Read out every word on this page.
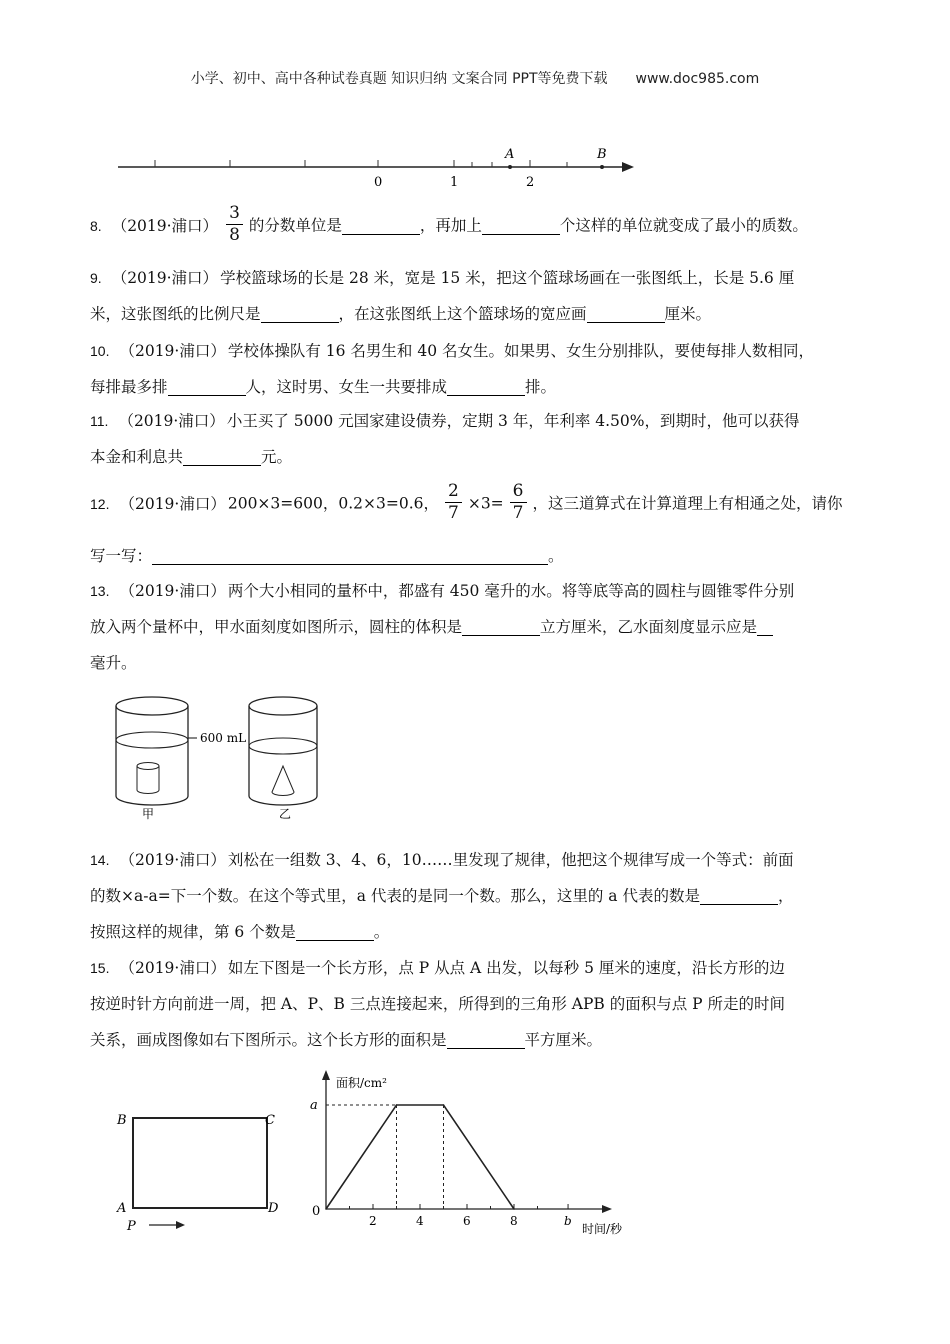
小学、初中、高中各种试卷真题 知识归纳 文案合同 PPT等免费下载 www.doc985.com
A	B
0	1	2
8. （2019·浦口） $\frac{3}{8}$ 的分数单位是	，再加上	个这样的单位就变成了最小的质数。
9. （2019·浦口） 学校篮球场的长是 28 米，宽是 15 米，把这个篮球场画在一张图纸上，长是 5.6 厘
米，这张图纸的比例尺是	，在这张图纸上这个篮球场的宽应画	厘米。
10. （2019·浦口） 学校体操队有 16 名男生和 40 名女生。如果男、女生分别排队，要使每排人数相同，
每排最多排	人，这时男、女生一共要排成	排。
11. （2019·浦口） 小王买了 5000 元国家建设债券，定期 3 年，年利率 4.50%，到期时，他可以获得
本金和利息共	元。
12. （2019·浦口） 200×3=600，0.2×3=0.6， $\frac{2}{7} \times 3= \frac{6}{7}$ ，这三道算式在计算道理上有相通之处，请你
写一写：	。
13. （2019·浦口） 两个大小相同的量杯中，都盛有 450 毫升的水。将等底等高的圆柱与圆锥零件分别
放入两个量杯中，甲水面刻度如图所示，圆柱的体积是	立方厘米，乙水面刻度显示应是
毫升。
600 mL
甲	乙
14. （2019·浦口） 刘松在一组数 3、4、6，10……里发现了规律，他把这个规律写成一个等式：前面
的数×a-a=下一个数。在这个等式里，a 代表的是同一个数。那么，这里的 a 代表的数是	，
按照这样的规律，第 6 个数是	。
15. （2019·浦口） 如左下图是一个长方形，点 P 从点 A 出发，以每秒 5 厘米的速度，沿长方形的边
按逆时针方向前进一周，把 A、P、B 三点连接起来，所得到的三角形 APB 的面积与点 P 所走的时间
关系，画成图像如右下图所示。这个长方形的面积是	平方厘米。
B	C
A	D
P
面积/cm²
时间/秒
0
2	4	6	8	b
a
